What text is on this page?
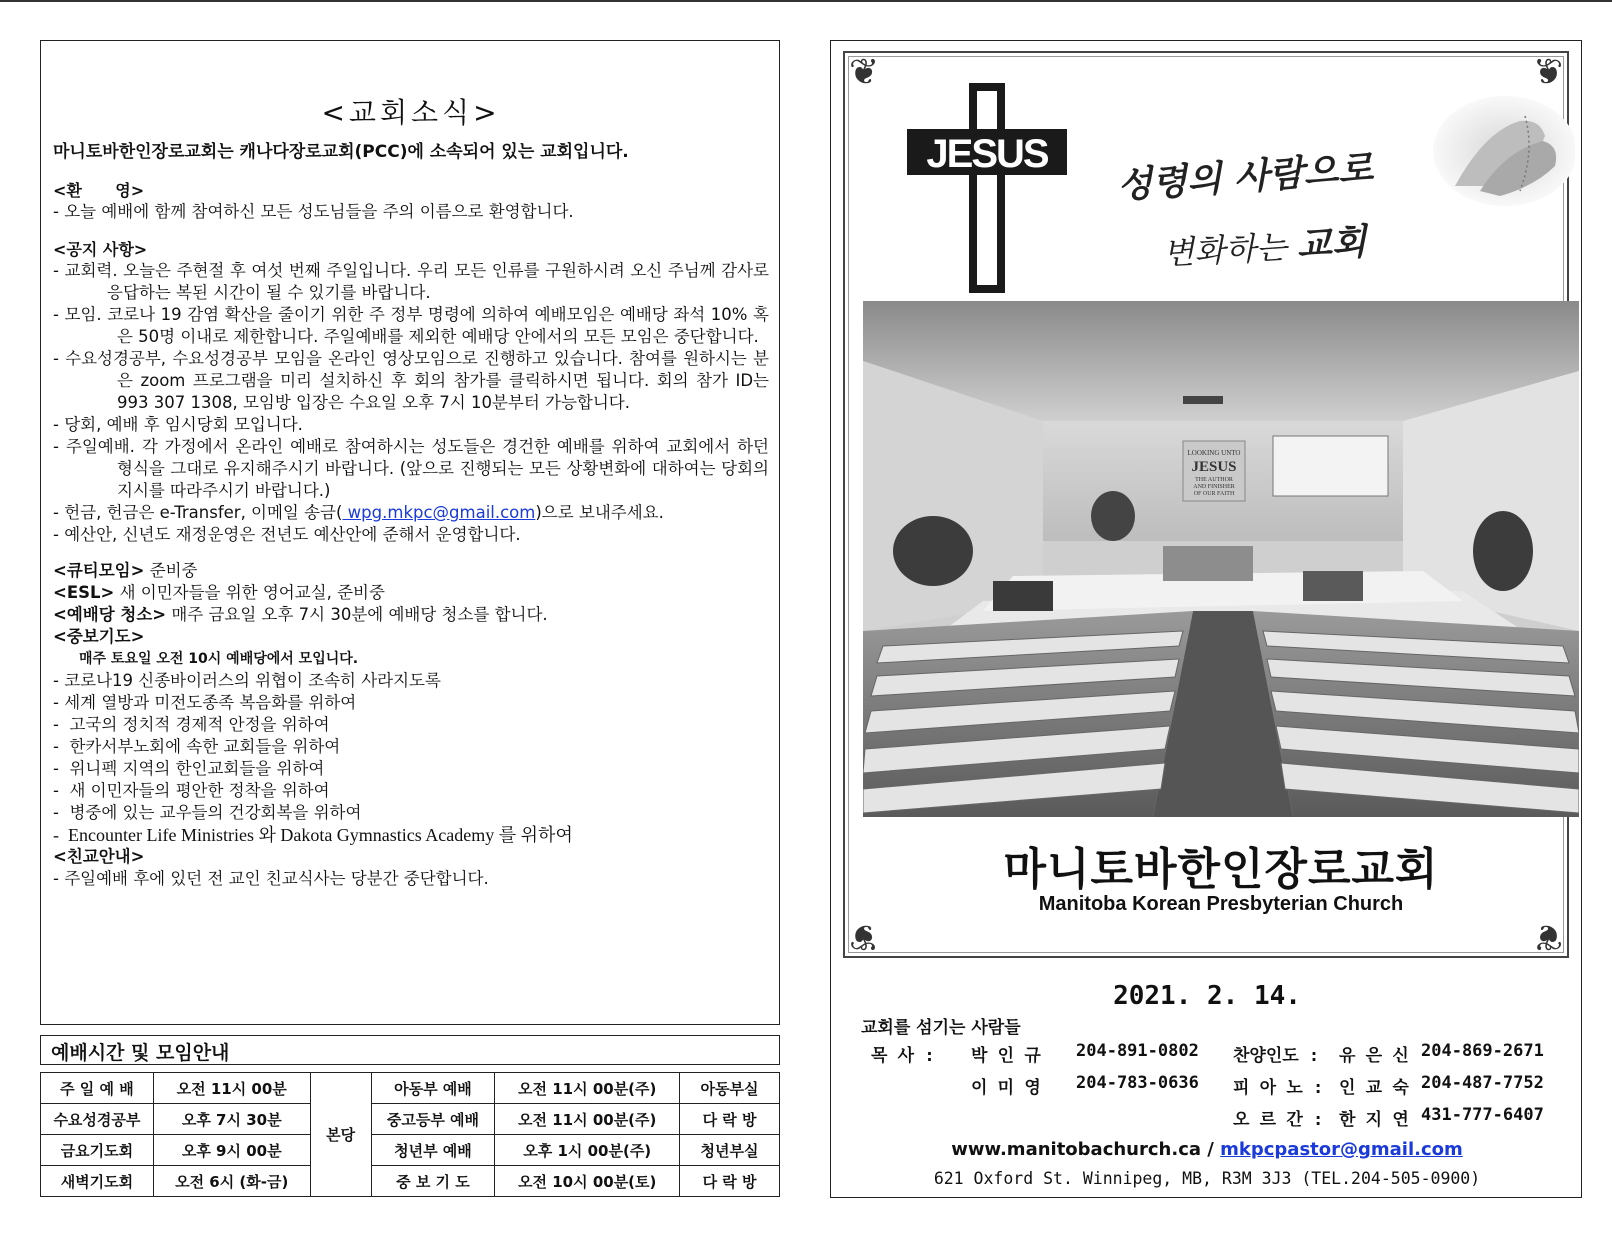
<교회소식>
마니토바한인장로교회는 캐나다장로교회(PCC)에 소속되어 있는 교회입니다.
<환      영>
- 오늘 예배에 함께 참여하신 모든 성도님들을 주의 이름으로 환영합니다.
<공지 사항>
- 교회력. 오늘은 주현절 후 여섯 번째 주일입니다. 우리 모든 인류를 구원하시려 오신 주님께 감사로 응답하는 복된 시간이 될 수 있기를 바랍니다.
- 모임. 코로나 19 감염 확산을 줄이기 위한 주 정부 명령에 의하여 예배모임은 예배당 좌석 10% 혹은 50명 이내로 제한합니다. 주일예배를 제외한 예배당 안에서의 모든 모임은 중단합니다.
- 수요성경공부, 수요성경공부 모임을 온라인 영상모임으로 진행하고 있습니다. 참여를 원하시는 분은 zoom 프로그램을 미리 설치하신 후 회의 참가를 클릭하시면 됩니다. 회의 참가 ID는 993 307 1308, 모임방 입장은 수요일 오후 7시 10분부터 가능합니다.
- 당회, 예배 후 임시당회 모입니다.
- 주일예배. 각 가정에서 온라인 예배로 참여하시는 성도들은 경건한 예배를 위하여 교회에서 하던 형식을 그대로 유지해주시기 바랍니다. (앞으로 진행되는 모든 상황변화에 대하여는 당회의 지시를 따라주시기 바랍니다.)
- 헌금, 헌금은 e-Transfer, 이메일 송금( wpg.mkpc@gmail.com)으로 보내주세요.
- 예산안, 신년도 재정운영은 전년도 예산안에 준해서 운영합니다.
<큐티모임> 준비중
<ESL> 새 이민자들을 위한 영어교실, 준비중
<예배당 청소> 매주 금요일 오후 7시 30분에 예배당 청소를 합니다.
<중보기도>
매주 토요일 오전 10시 예배당에서 모입니다.
- 코로나19 신종바이러스의 위협이 조속히 사라지도록
- 세계 열방과 미전도종족 복음화를 위하여
-  고국의 정치적 경제적 안정을 위하여
-  한카서부노회에 속한 교회들을 위하여
-  위니펙 지역의 한인교회들을 위하여
-  새 이민자들의 평안한 정착을 위하여
-  병중에 있는 교우들의 건강회복을 위하여
-  Encounter Life Ministries 와 Dakota Gymnastics Academy 를 위하여
<친교안내>
- 주일예배 후에 있던 전 교인 친교식사는 당분간 중단합니다.
예배시간 및 모임안내
주 일 예 배	오전 11시 00분	본당	아동부 예배	오전 11시 00분(주)	아동부실
수요성경공부	오후 7시 30분		중고등부 예배	오전 11시 00분(주)	다 락 방
금요기도회	오후 9시 00분		청년부 예배	오후 1시 00분(주)	청년부실
새벽기도회	오전 6시 (화-금)		중 보 기 도	오전 10시 00분(토)	다 락 방
❦	❦
❦	❦
JESUS 성령의 사람으로
변화하는 교회
LOOKING UNTO
JESUS
THE AUTHOR
AND FINISHER
OF OUR FAITH
마니토바한인장로교회
Manitoba Korean Presbyterian Church
2021. 2. 14.
교회를 섬기는 사람들
목 사 : 박 인 규 204-891-0802 찬양인도 : 유 은 신 204-869-2671
이 미 영 204-783-0636 피 아 노 : 인 교 숙 204-487-7752
오 르 간 : 한 지 연 431-777-6407
www.manitobachurch.ca / mkpcpastor@gmail.com
621 Oxford St. Winnipeg, MB, R3M 3J3 (TEL.204-505-0900)
